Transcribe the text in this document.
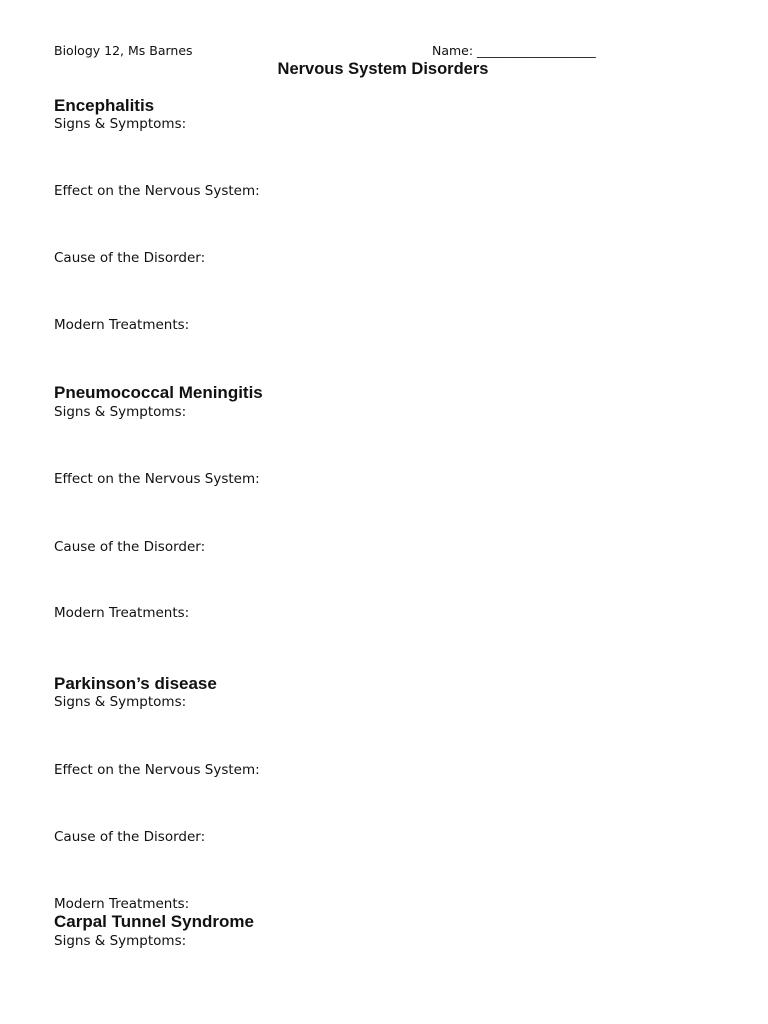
Biology 12, Ms Barnes	Name: ___________________
Nervous System Disorders
Encephalitis
Signs & Symptoms:
Effect on the Nervous System:
Cause of the Disorder:
Modern Treatments:
Pneumococcal Meningitis
Signs & Symptoms:
Effect on the Nervous System:
Cause of the Disorder:
Modern Treatments:
Parkinson’s disease
Signs & Symptoms:
Effect on the Nervous System:
Cause of the Disorder:
Modern Treatments:
Carpal Tunnel Syndrome
Signs & Symptoms:
